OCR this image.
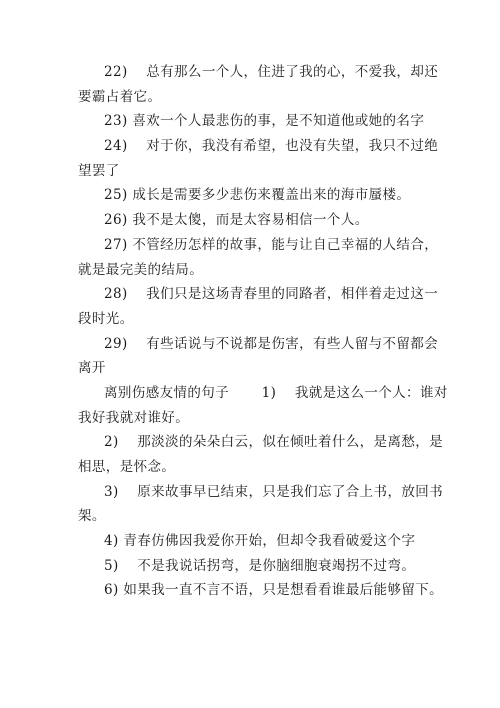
22)　 总有那么一个人，住进了我的心，不爱我，却还
要霸占着它。
23) 喜欢一个人最悲伤的事，是不知道他或她的名字
24)　 对于你，我没有希望，也没有失望，我只不过绝
望罢了
25) 成长是需要多少悲伤来覆盖出来的海市蜃楼。
26) 我不是太傻，而是太容易相信一个人。
27) 不管经历怎样的故事，能与让自己幸福的人结合，
就是最完美的结局。
28)　 我们只是这场青春里的同路者，相伴着走过这一
段时光。
29)　 有些话说与不说都是伤害，有些人留与不留都会
离开
离别伤感友情的句子　　 1)　 我就是这么一个人：谁对
我好我就对谁好。
2)　 那淡淡的朵朵白云，似在倾吐着什么，是离愁，是
相思，是怀念。
3)　 原来故事早已结束，只是我们忘了合上书，放回书
架。
4) 青春仿佛因我爱你开始，但却令我看破爱这个字
5)　 不是我说话拐弯，是你脑细胞衰竭拐不过弯。
6) 如果我一直不言不语，只是想看看谁最后能够留下。
